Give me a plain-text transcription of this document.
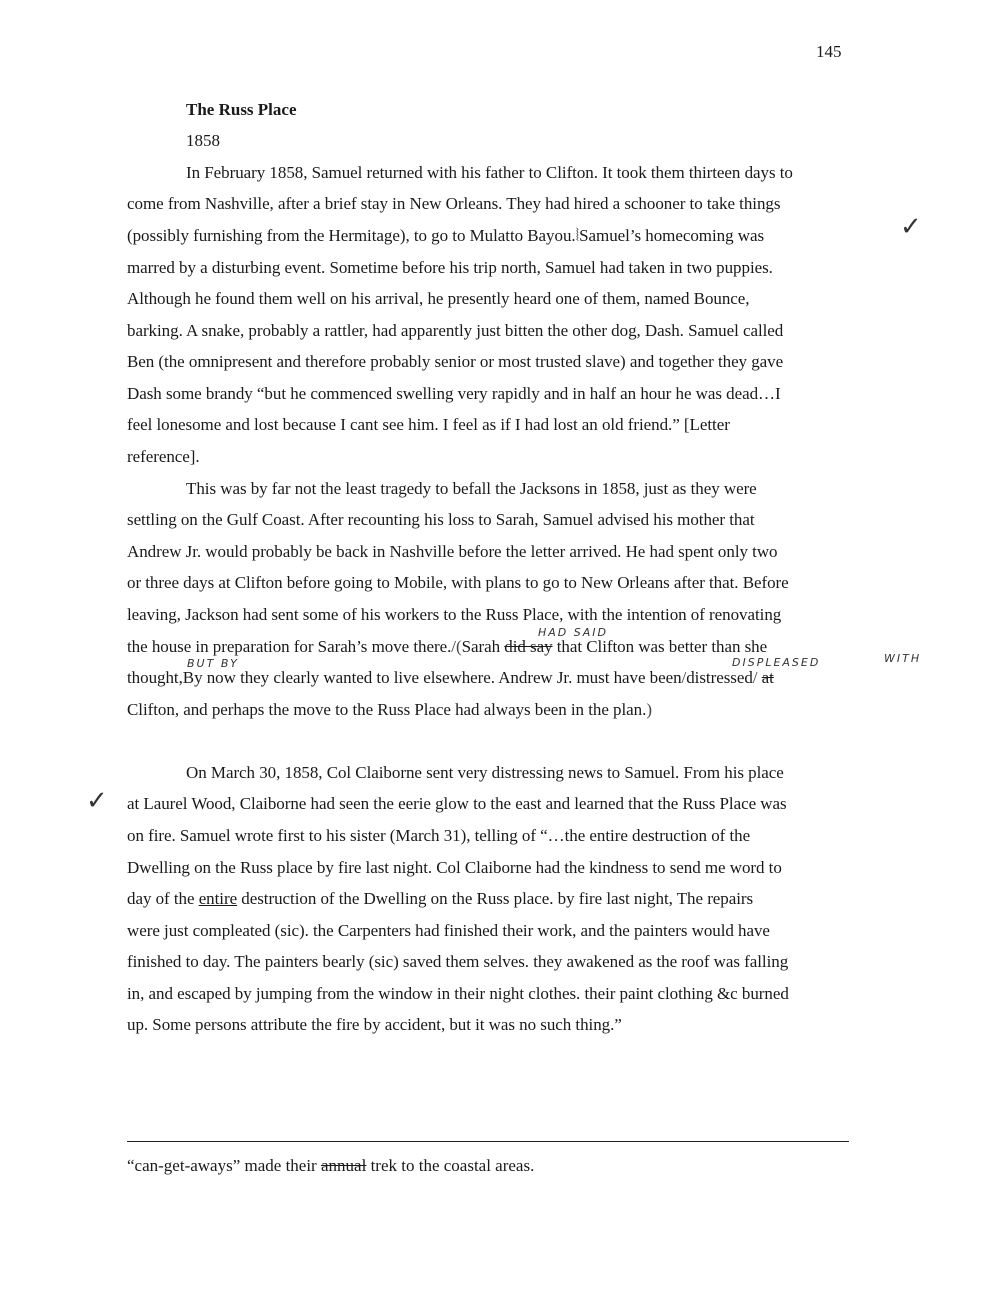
145
The Russ Place
1858
In February 1858, Samuel returned with his father to Clifton. It took them thirteen days to
come from Nashville, after a brief stay in New Orleans. They had hired a schooner to take things
(possibly furnishing from the Hermitage), to go to Mulatto Bayou.⦚Samuel’s homecoming was
marred by a disturbing event. Sometime before his trip north, Samuel had taken in two puppies.
Although he found them well on his arrival, he presently heard one of them, named Bounce,
barking. A snake, probably a rattler, had apparently just bitten the other dog, Dash. Samuel called
Ben (the omnipresent and therefore probably senior or most trusted slave) and together they gave
Dash some brandy “but he commenced swelling very rapidly and in half an hour he was dead…I
feel lonesome and lost because I cant see him. I feel as if I had lost an old friend.” [Letter
reference].
This was by far not the least tragedy to befall the Jacksons in 1858, just as they were
settling on the Gulf Coast. After recounting his loss to Sarah, Samuel advised his mother that
Andrew Jr. would probably be back in Nashville before the letter arrived. He had spent only two
or three days at Clifton before going to Mobile, with plans to go to New Orleans after that. Before
leaving, Jackson had sent some of his workers to the Russ Place, with the intention of renovating
the house in preparation for Sarah’s move there./(Sarah did say that Clifton was better than she
thought,By now they clearly wanted to live elsewhere. Andrew Jr. must have been/distressed/ at
Clifton, and perhaps the move to the Russ Place had always been in the plan.)
HAD SAID
BUT BY	DISPLEASED	WITH
✓
✓
On March 30, 1858, Col Claiborne sent very distressing news to Samuel. From his place
at Laurel Wood, Claiborne had seen the eerie glow to the east and learned that the Russ Place was
on fire. Samuel wrote first to his sister (March 31), telling of “…the entire destruction of the
Dwelling on the Russ place by fire last night. Col Claiborne had the kindness to send me word to
day of the entire destruction of the Dwelling on the Russ place. by fire last night, The repairs
were just compleated (sic). the Carpenters had finished their work, and the painters would have
finished to day. The painters bearly (sic) saved them selves. they awakened as the roof was falling
in, and escaped by jumping from the window in their night clothes. their paint clothing &c burned
up. Some persons attribute the fire by accident, but it was no such thing.”
“can-get-aways” made their annual trek to the coastal areas.
